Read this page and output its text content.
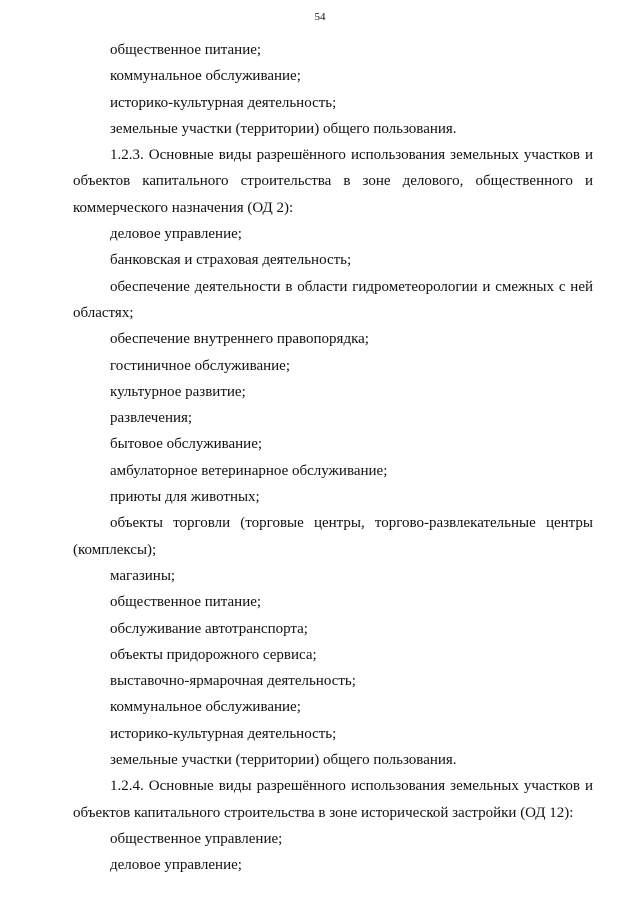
54
общественное питание;
коммунальное обслуживание;
историко-культурная деятельность;
земельные участки (территории) общего пользования.
1.2.3. Основные виды разрешённого использования земельных участков и
объектов капитального строительства в зоне делового, общественного и
коммерческого назначения (ОД 2):
деловое управление;
банковская и страховая деятельность;
обеспечение деятельности в области гидрометеорологии и смежных с ней
областях;
обеспечение внутреннего правопорядка;
гостиничное обслуживание;
культурное развитие;
развлечения;
бытовое обслуживание;
амбулаторное ветеринарное обслуживание;
приюты для животных;
объекты торговли (торговые центры, торгово-развлекательные центры
(комплексы);
магазины;
общественное питание;
обслуживание автотранспорта;
объекты придорожного сервиса;
выставочно-ярмарочная деятельность;
коммунальное обслуживание;
историко-культурная деятельность;
земельные участки (территории) общего пользования.
1.2.4. Основные виды разрешённого использования земельных участков и
объектов капитального строительства в зоне исторической застройки (ОД 12):
общественное управление;
деловое управление;
